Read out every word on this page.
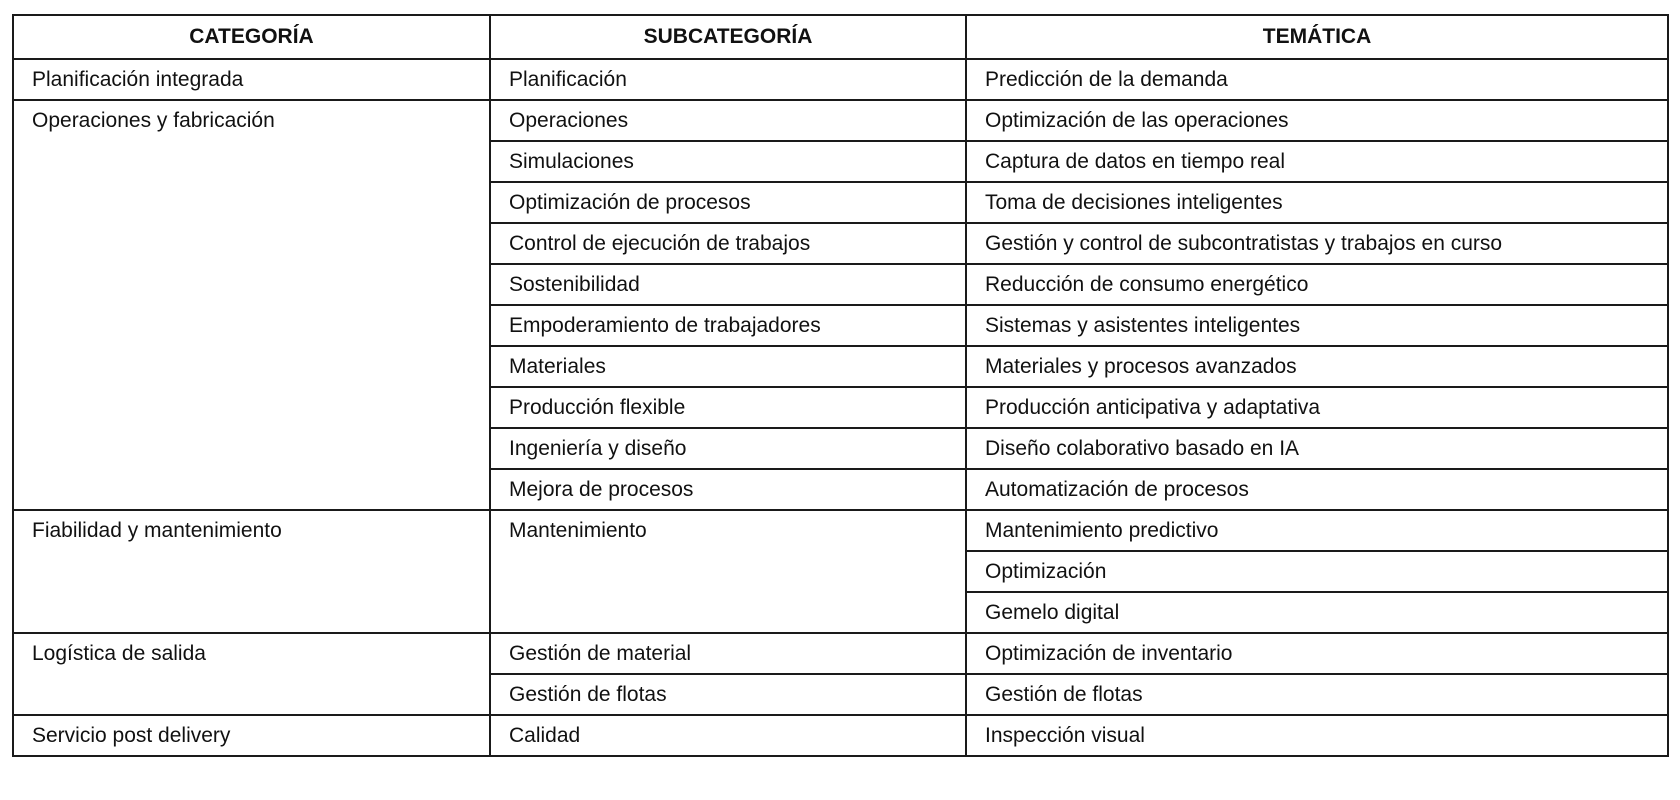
CATEGORÍA	SUBCATEGORÍA	TEMÁTICA
Planificación integrada	Planificación	Predicción de la demanda
Operaciones y fabricación	Operaciones	Optimización de las operaciones
	Simulaciones	Captura de datos en tiempo real
	Optimización de procesos	Toma de decisiones inteligentes
	Control de ejecución de trabajos	Gestión y control de subcontratistas y trabajos en curso
	Sostenibilidad	Reducción de consumo energético
	Empoderamiento de trabajadores	Sistemas y asistentes inteligentes
	Materiales	Materiales y procesos avanzados
	Producción flexible	Producción anticipativa y adaptativa
	Ingeniería y diseño	Diseño colaborativo basado en IA
	Mejora de procesos	Automatización de procesos
Fiabilidad y mantenimiento	Mantenimiento	Mantenimiento predictivo
		Optimización
		Gemelo digital
Logística de salida	Gestión de material	Optimización de inventario
	Gestión de flotas	Gestión de flotas
Servicio post delivery	Calidad	Inspección visual
